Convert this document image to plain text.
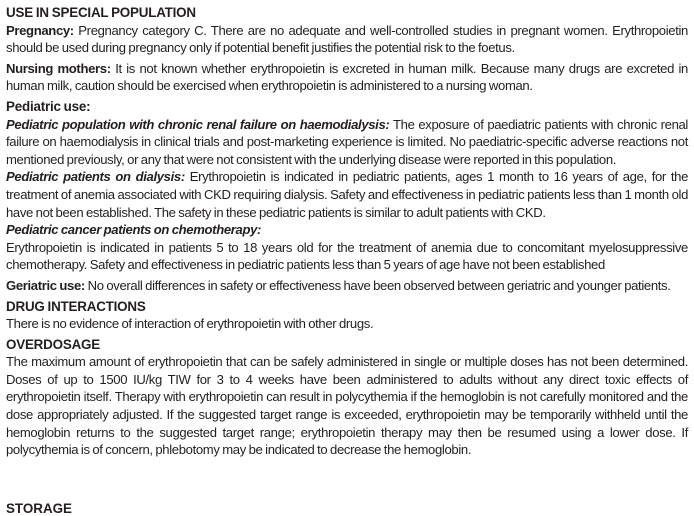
USE IN SPECIAL POPULATION

Pregnancy: Pregnancy category C. There are no adequate and well-controlled studies in pregnant women. Erythropoietin should be used during pregnancy only if potential benefit justifies the potential risk to the foetus.

Nursing mothers: It is not known whether erythropoietin is excreted in human milk. Because many drugs are excreted in human milk, caution should be exercised when erythropoietin is administered to a nursing woman.

Pediatric use:

Pediatric population with chronic renal failure on haemodialysis: The exposure of paediatric patients with chronic renal failure on haemodialysis in clinical trials and post-marketing experience is limited. No paediatric-specific adverse reactions not mentioned previously, or any that were not consistent with the underlying disease were reported in this population.

Pediatric patients on dialysis: Erythropoietin is indicated in pediatric patients, ages 1 month to 16 years of age, for the treatment of anemia associated with CKD requiring dialysis. Safety and effectiveness in pediatric patients less than 1 month old have not been established. The safety in these pediatric patients is similar to adult patients with CKD.

Pediatric cancer patients on chemotherapy:

Erythropoietin is indicated in patients 5 to 18 years old for the treatment of anemia due to concomitant myelosuppressive chemotherapy. Safety and effectiveness in pediatric patients less than 5 years of age have not been established

Geriatric use: No overall differences in safety or effectiveness have been observed between geriatric and younger patients.

DRUG INTERACTIONS

There is no evidence of interaction of erythropoietin with other drugs.

OVERDOSAGE

The maximum amount of erythropoietin that can be safely administered in single or multiple doses has not been determined. Doses of up to 1500 IU/kg TIW for 3 to 4 weeks have been administered to adults without any direct toxic effects of erythropoietin itself. Therapy with erythropoietin can result in polycythemia if the hemoglobin is not carefully monitored and the dose appropriately adjusted. If the suggested target range is exceeded, erythropoietin may be temporarily withheld until the hemoglobin returns to the suggested target range; erythropoietin therapy may then be resumed using a lower dose. If polycythemia is of concern, phlebotomy may be indicated to decrease the hemoglobin.

STORAGE
